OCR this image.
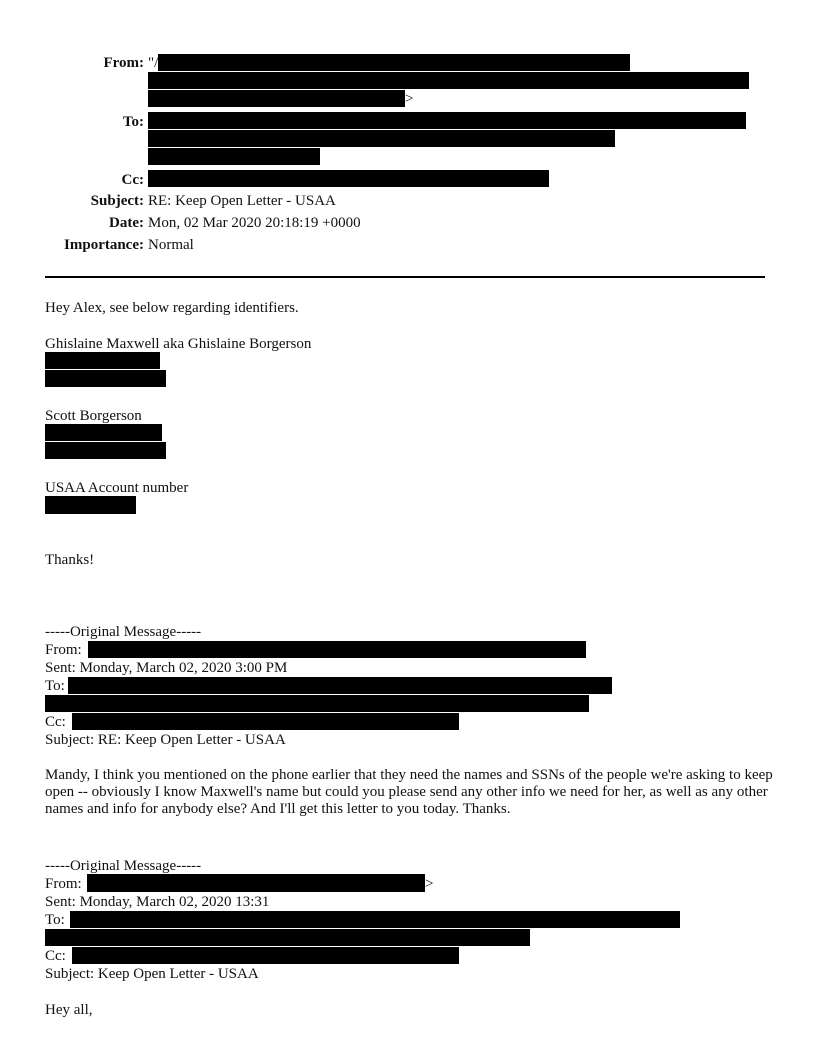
From: "/
>
To:
Cc:
Subject: RE: Keep Open Letter - USAA
Date: Mon, 02 Mar 2020 20:18:19 +0000
Importance: Normal
Hey Alex, see below regarding identifiers.
Ghislaine Maxwell aka Ghislaine Borgerson
Scott Borgerson
USAA Account number
Thanks!
-----Original Message-----
From:
Sent: Monday, March 02, 2020 3:00 PM
To:
Cc:
Subject: RE: Keep Open Letter - USAA
Mandy, I think you mentioned on the phone earlier that they need the names and SSNs of the people we're asking to keep open -- obviously I know Maxwell's name but could you please send any other info we need for her, as well as any other names and info for anybody else? And I'll get this letter to you today. Thanks.
-----Original Message-----
From:	>
Sent: Monday, March 02, 2020 13:31
To:
Cc:
Subject: Keep Open Letter - USAA
Hey all,
